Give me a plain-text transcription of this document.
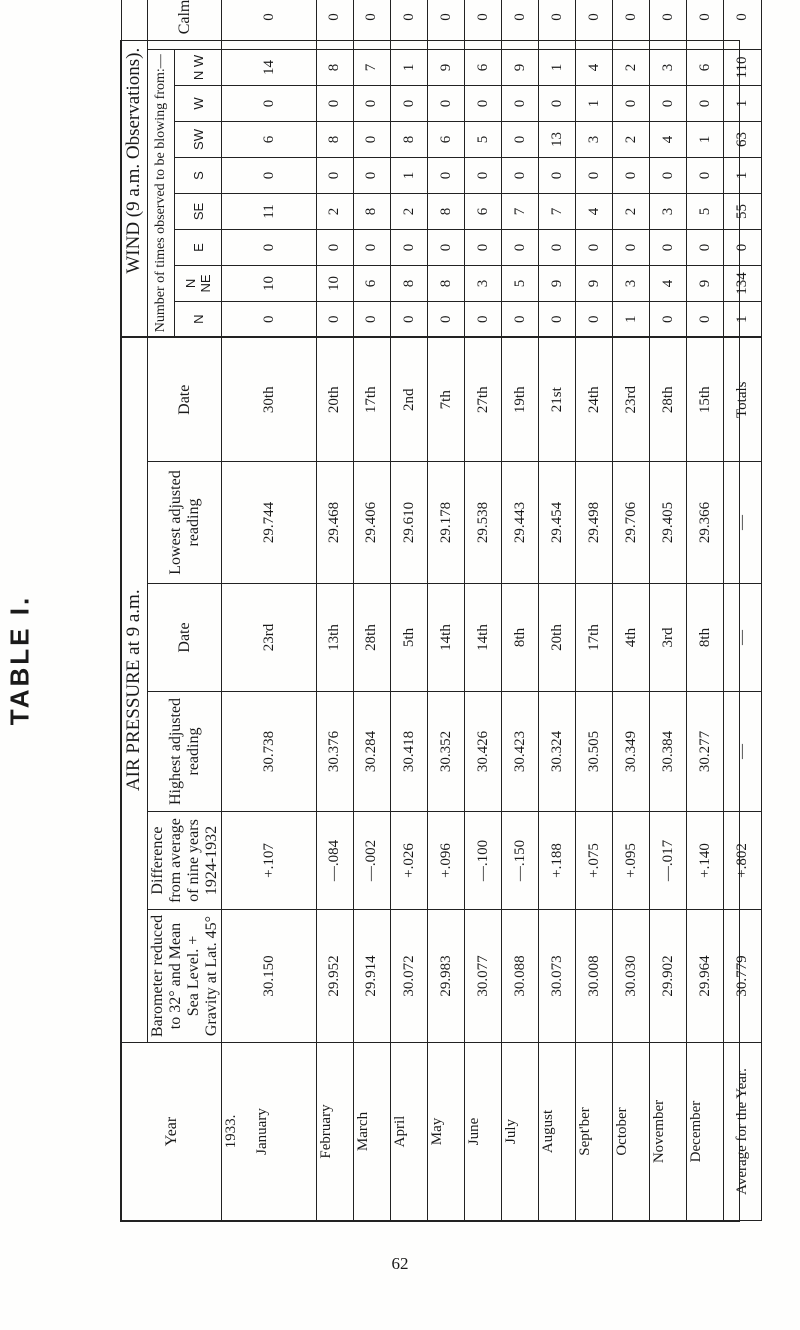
TABLE I.
Year	AIR PRESSURE at 9 a.m.						WIND (9 a.m. Observations).								
	Barometer reduced to 32° and Mean Sea Level. + Gravity at Lat. 45°	Difference from average of nine years 1924-1932	Highest adjusted reading	Date	Lowest adjusted reading	Date	Number of times observed to be blowing from:—								Calm
							N	N NE	E	SE	S	SW	W	N W	

1933. January	30.150	+.107	30.738	23rd	29.744	30th	0	10	0	11	0	6	0	14	0
February	29.952	—.084	30.376	13th	29.468	20th	0	10	0	2	0	8	0	8	0
March	29.914	—.002	30.284	28th	29.406	17th	0	6	0	8	0	0	0	7	0
April	30.072	+.026	30.418	5th	29.610	2nd	0	8	0	2	1	8	0	1	0
May	29.983	+.096	30.352	14th	29.178	7th	0	8	0	8	0	6	0	9	0
June	30.077	—.100	30.426	14th	29.538	27th	0	3	0	6	0	5	0	6	0
July	30.088	—.150	30.423	8th	29.443	19th	0	5	0	7	0	0	0	9	0
August	30.073	+.188	30.324	20th	29.454	21st	0	9	0	7	0	13	0	1	0
Sept'ber	30.008	+.075	30.505	17th	29.498	24th	0	9	0	4	0	3	1	4	0
October	30.030	+.095	30.349	4th	29.706	23rd	1	3	0	2	0	2	0	2	0
November	29.902	—.017	30.384	3rd	29.405	28th	0	4	0	3	0	4	0	3	0
December	29.964	+.140	30.277	8th	29.366	15th	0	9	0	5	0	1	0	6	0
Average for the Year.	30.779	+.802	—	—	—	Totals	1	134	0	55	1	63	1	110	0
62
